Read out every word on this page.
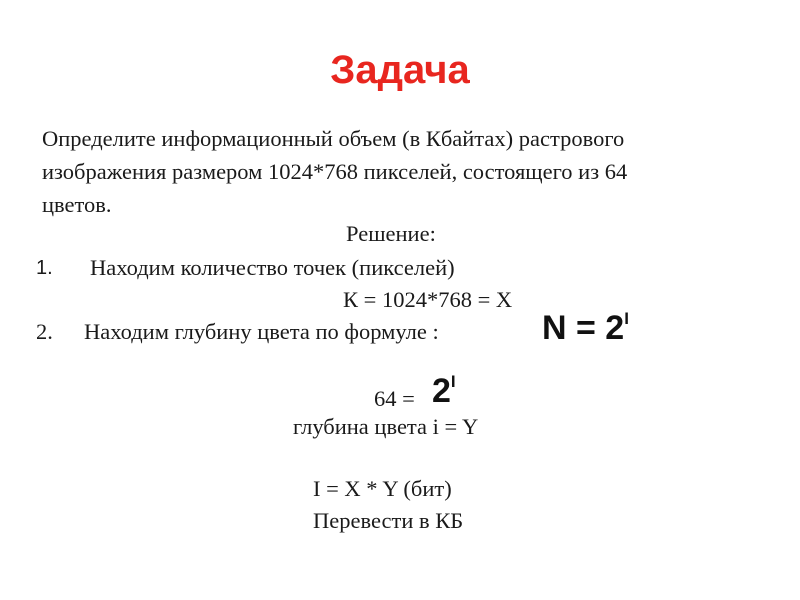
Задача
Определите информационный объем (в Кбайтах) растрового
изображения размером 1024*768 пикселей, состоящего из 64
цветов.
Решение:
1. Находим количество точек (пикселей)
К = 1024*768 = Х
2. Находим глубину цвета по формуле :	$N = 2^I$
$64 = 2^I$
глубина цвета i = Y
I = X * Y (бит)
Перевести в КБ
